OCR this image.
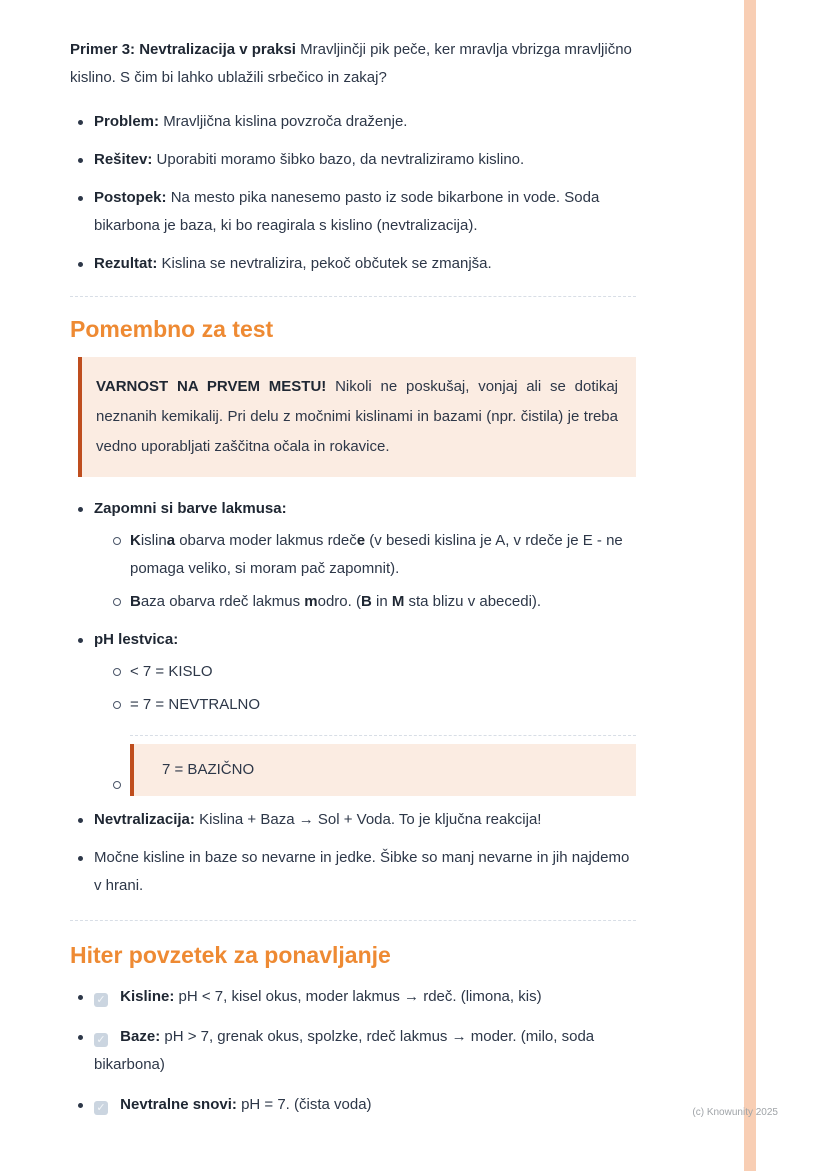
Primer 3: Nevtralizacija v praksi Mravljinčji pik peče, ker mravlja vbrizga mravljično kislino. S čim bi lahko ublažili srbečico in zakaj?

Problem: Mravljična kislina povzroča draženje.
Rešitev: Uporabiti moramo šibko bazo, da nevtraliziramo kislino.
Postopek: Na mesto pika nanesemo pasto iz sode bikarbone in vode. Soda bikarbona je baza, ki bo reagirala s kislino (nevtralizacija).
Rezultat: Kislina se nevtralizira, pekoč občutek se zmanjša.
Pomembno za test
VARNOST NA PRVEM MESTU! Nikoli ne poskušaj, vonjaj ali se dotikaj neznanih kemikalij. Pri delu z močnimi kislinami in bazami (npr. čistila) je treba vedno uporabljati zaščitna očala in rokavice.
Zapomni si barve lakmusa:
Kislina obarva moder lakmus rdeče (v besedi kislina je A, v rdeče je E - ne pomaga veliko, si moram pač zapomnit).
Baza obarva rdeč lakmus modro. (B in M sta blizu v abecedi).
pH lestvica:
< 7 = KISLO
= 7 = NEVTRALNO
7 = BAZIČNO
Nevtralizacija: Kislina + Baza → Sol + Voda. To je ključna reakcija!
Močne kisline in baze so nevarne in jedke. Šibke so manj nevarne in jih najdemo v hrani.
Hiter povzetek za ponavljanje
✓ Kisline: pH < 7, kisel okus, moder lakmus → rdeč. (limona, kis)
✓ Baze: pH > 7, grenak okus, spolzke, rdeč lakmus → moder. (milo, soda bikarbona)
✓ Nevtralne snovi: pH = 7. (čista voda)	(c) Knowunity 2025
